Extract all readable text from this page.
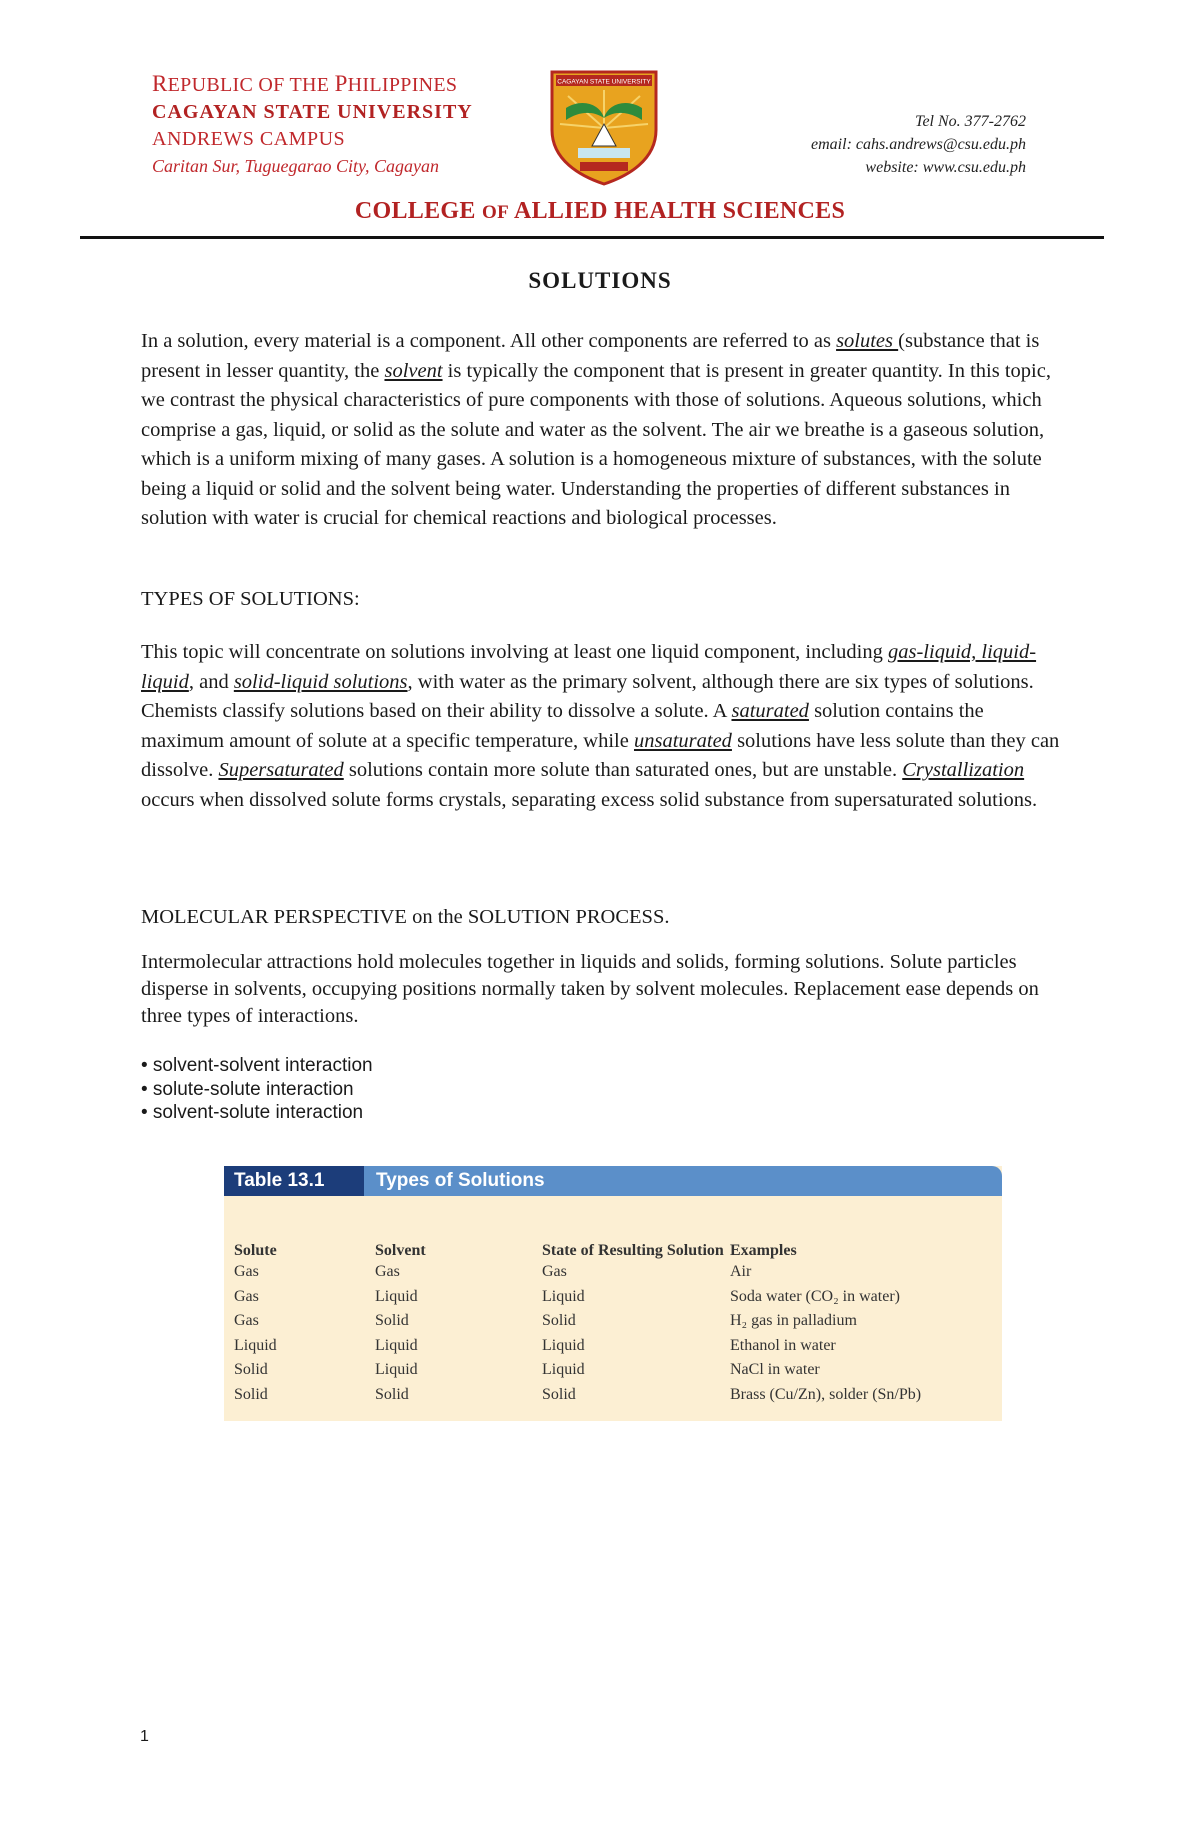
REPUBLIC OF THE PHILIPPINES
CAGAYAN STATE UNIVERSITY
ANDREWS CAMPUS
Caritan Sur, Tuguegarao City, Cagayan
CAGAYAN STATE UNIVERSITY
Tel No. 377-2762
email: cahs.andrews@csu.edu.ph
website: www.csu.edu.ph
COLLEGE OF ALLIED HEALTH SCIENCES
SOLUTIONS

In a solution, every material is a component. All other components are referred to as solutes (substance that is present in lesser quantity, the solvent is typically the component that is present in greater quantity. In this topic, we contrast the physical characteristics of pure components with those of solutions. Aqueous solutions, which comprise a gas, liquid, or solid as the solute and water as the solvent. The air we breathe is a gaseous solution, which is a uniform mixing of many gases. A solution is a homogeneous mixture of substances, with the solute being a liquid or solid and the solvent being water. Understanding the properties of different substances in solution with water is crucial for chemical reactions and biological processes.

TYPES OF SOLUTIONS:

This topic will concentrate on solutions involving at least one liquid component, including gas-liquid, liquid-liquid, and solid-liquid solutions, with water as the primary solvent, although there are six types of solutions. Chemists classify solutions based on their ability to dissolve a solute. A saturated solution contains the maximum amount of solute at a specific temperature, while unsaturated solutions have less solute than they can dissolve. Supersaturated solutions contain more solute than saturated ones, but are unstable. Crystallization occurs when dissolved solute forms crystals, separating excess solid substance from supersaturated solutions.

MOLECULAR PERSPECTIVE on the SOLUTION PROCESS.
Intermolecular attractions hold molecules together in liquids and solids, forming solutions. Solute particles disperse in solvents, occupying positions normally taken by solvent molecules. Replacement ease depends on three types of interactions.
• solvent-solvent interaction
• solute-solute interaction
• solvent-solute interaction
Table 13.1	Types of Solutions
Solute	Solvent	State of Resulting Solution	Examples
Gas	Gas	Gas	Air
Gas	Liquid	Liquid	Soda water (CO₂ in water)
Gas	Solid	Solid	H₂ gas in palladium
Liquid	Liquid	Liquid	Ethanol in water
Solid	Liquid	Liquid	NaCl in water
Solid	Solid	Solid	Brass (Cu/Zn), solder (Sn/Pb)
1
